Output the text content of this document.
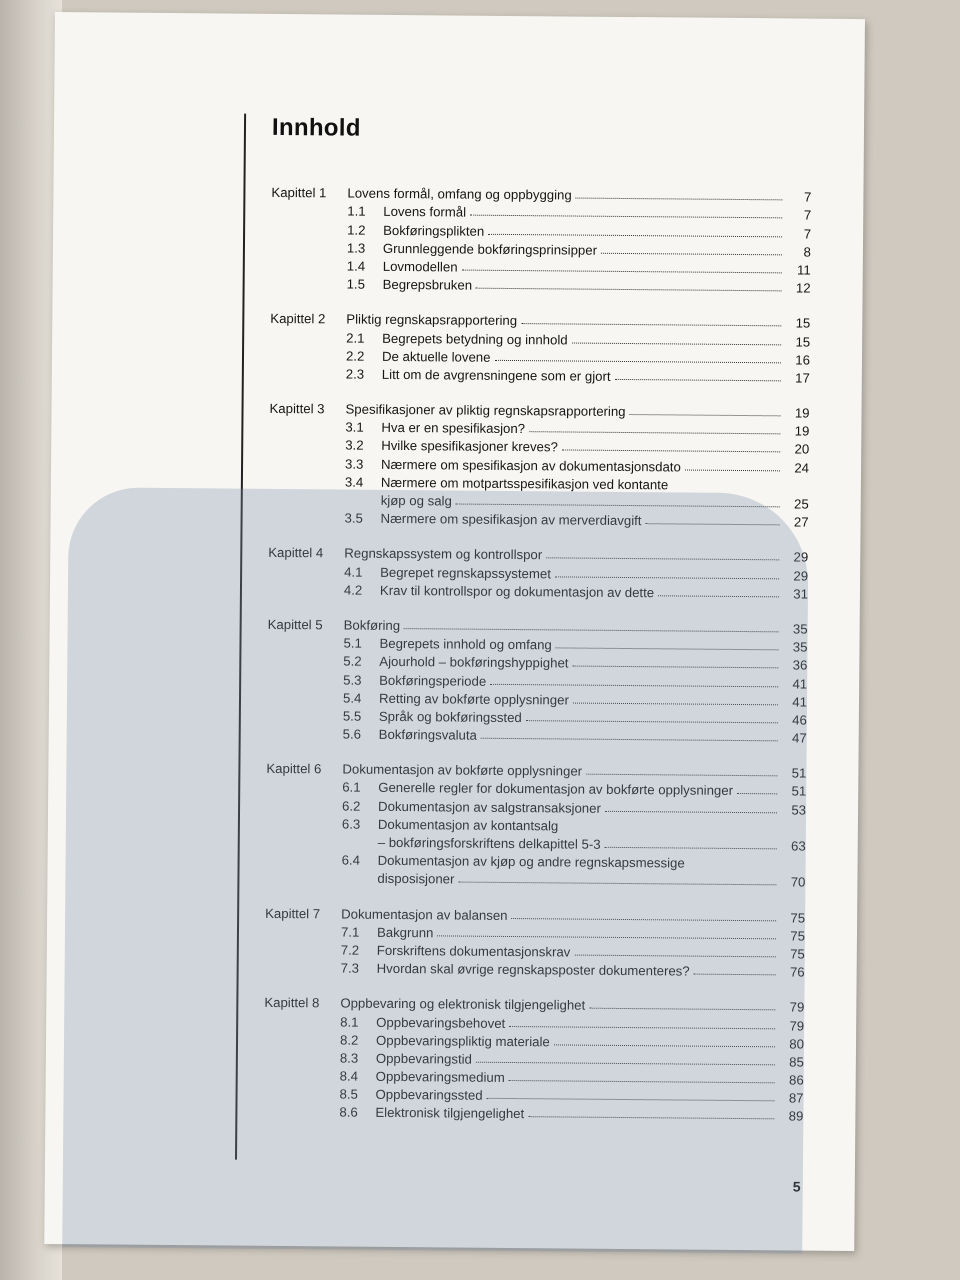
Innhold
Kapittel 1	Lovens formål, omfang og oppbygging	7
1.1	Lovens formål	7
1.2	Bokføringsplikten	7
1.3	Grunnleggende bokføringsprinsipper	8
1.4	Lovmodellen	11
1.5	Begrepsbruken	12
Kapittel 2	Pliktig regnskapsrapportering	15
2.1	Begrepets betydning og innhold	15
2.2	De aktuelle lovene	16
2.3	Litt om de avgrensningene som er gjort	17
Kapittel 3	Spesifikasjoner av pliktig regnskapsrapportering	19
3.1	Hva er en spesifikasjon?	19
3.2	Hvilke spesifikasjoner kreves?	20
3.3	Nærmere om spesifikasjon av dokumentasjonsdato	24
3.4	Nærmere om motpartsspesifikasjon ved kontante
kjøp og salg	25
3.5	Nærmere om spesifikasjon av merverdiavgift	27
Kapittel 4	Regnskapssystem og kontrollspor	29
4.1	Begrepet regnskapssystemet	29
4.2	Krav til kontrollspor og dokumentasjon av dette	31
Kapittel 5	Bokføring	35
5.1	Begrepets innhold og omfang	35
5.2	Ajourhold – bokføringshyppighet	36
5.3	Bokføringsperiode	41
5.4	Retting av bokførte opplysninger	41
5.5	Språk og bokføringssted	46
5.6	Bokføringsvaluta	47
Kapittel 6	Dokumentasjon av bokførte opplysninger	51
6.1	Generelle regler for dokumentasjon av bokførte opplysninger	51
6.2	Dokumentasjon av salgstransaksjoner	53
6.3	Dokumentasjon av kontantsalg
– bokføringsforskriftens delkapittel 5-3	63
6.4	Dokumentasjon av kjøp og andre regnskapsmessige
disposisjoner	70
Kapittel 7	Dokumentasjon av balansen	75
7.1	Bakgrunn	75
7.2	Forskriftens dokumentasjonskrav	75
7.3	Hvordan skal øvrige regnskapsposter dokumenteres?	76
Kapittel 8	Oppbevaring og elektronisk tilgjengelighet	79
8.1	Oppbevaringsbehovet	79
8.2	Oppbevaringspliktig materiale	80
8.3	Oppbevaringstid	85
8.4	Oppbevaringsmedium	86
8.5	Oppbevaringssted	87
8.6	Elektronisk tilgjengelighet	89
5
